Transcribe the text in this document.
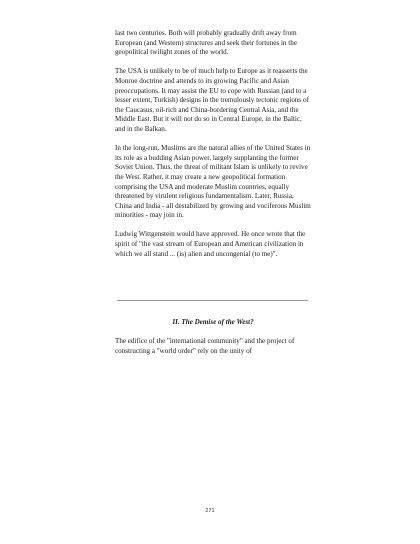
last two centuries. Both will probably gradually drift away from European (and Western) structures and seek their fortunes in the geopolitical twilight zones of the world.

The USA is unlikely to be of much help to Europe as it reasserts the Monroe doctrine and attends to its growing Pacific and Asian preoccupations. It may assist the EU to cope with Russian (and to a lesser extent, Turkish) designs in the tremulously tectonic regions of the Caucasus, oil-rich and China-bordering Central Asia, and the Middle East. But it will not do so in Central Europe, in the Baltic, and in the Balkan.

In the long-run, Muslims are the natural allies of the United States in its role as a budding Asian power, largely supplanting the former Soviet Union. Thus, the threat of militant Islam is unlikely to revive the West. Rather, it may create a new geopolitical formation comprising the USA and moderate Muslim countries, equally threatened by virulent religious fundamentalism. Later, Russia, China and India - all destabilized by growing and vociferous Muslim minorities - may join in.

Ludwig Wittgenstein would have approved. He once wrote that the spirit of "the vast stream of European and American civilization in which we all stand ... (is) alien and uncongenial (to me)".

II. The Demise of the West?

The edifice of the "international community" and the project of constructing a "world order" rely on the unity of

271
